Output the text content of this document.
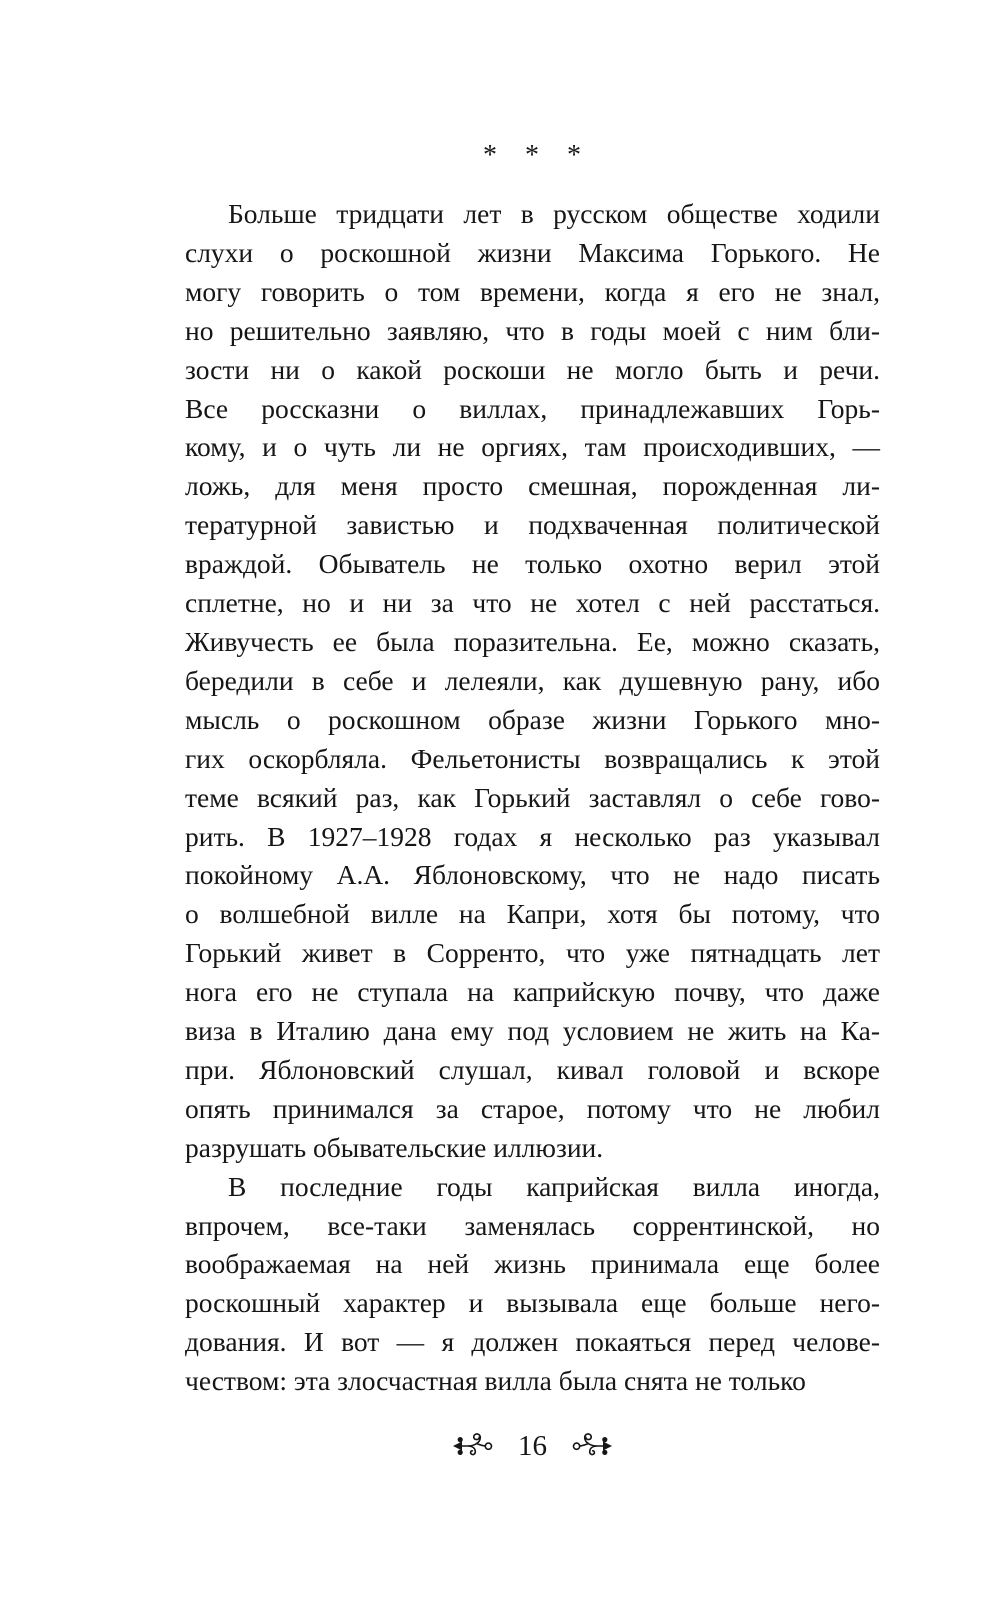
* * *
Больше тридцати лет в русском обществе ходили
слухи о роскошной жизни Максима Горького. Не
могу говорить о том времени, когда я его не знал,
но решительно заявляю, что в годы моей с ним бли-
зости ни о какой роскоши не могло быть и речи.
Все россказни о виллах, принадлежавших Горь-
кому, и о чуть ли не оргиях, там происходивших, —
ложь, для меня просто смешная, порожденная ли-
тературной завистью и подхваченная политической
враждой. Обыватель не только охотно верил этой
сплетне, но и ни за что не хотел с ней расстаться.
Живучесть ее была поразительна. Ее, можно сказать,
бередили в себе и лелеяли, как душевную рану, ибо
мысль о роскошном образе жизни Горького мно-
гих оскорбляла. Фельетонисты возвращались к этой
теме всякий раз, как Горький заставлял о себе гово-
рить. В 1927–1928 годах я несколько раз указывал
покойному А.А. Яблоновскому, что не надо писать
о волшебной вилле на Капри, хотя бы потому, что
Горький живет в Сорренто, что уже пятнадцать лет
нога его не ступала на каприйскую почву, что даже
виза в Италию дана ему под условием не жить на Ка-
при. Яблоновский слушал, кивал головой и вскоре
опять принимался за старое, потому что не любил
разрушать обывательские иллюзии.
В последние годы каприйская вилла иногда,
впрочем, все-таки заменялась соррентинской, но
воображаемая на ней жизнь принимала еще более
роскошный характер и вызывала еще больше него-
дования. И вот — я должен покаяться перед челове-
чеством: эта злосчастная вилла была снята не только
16
